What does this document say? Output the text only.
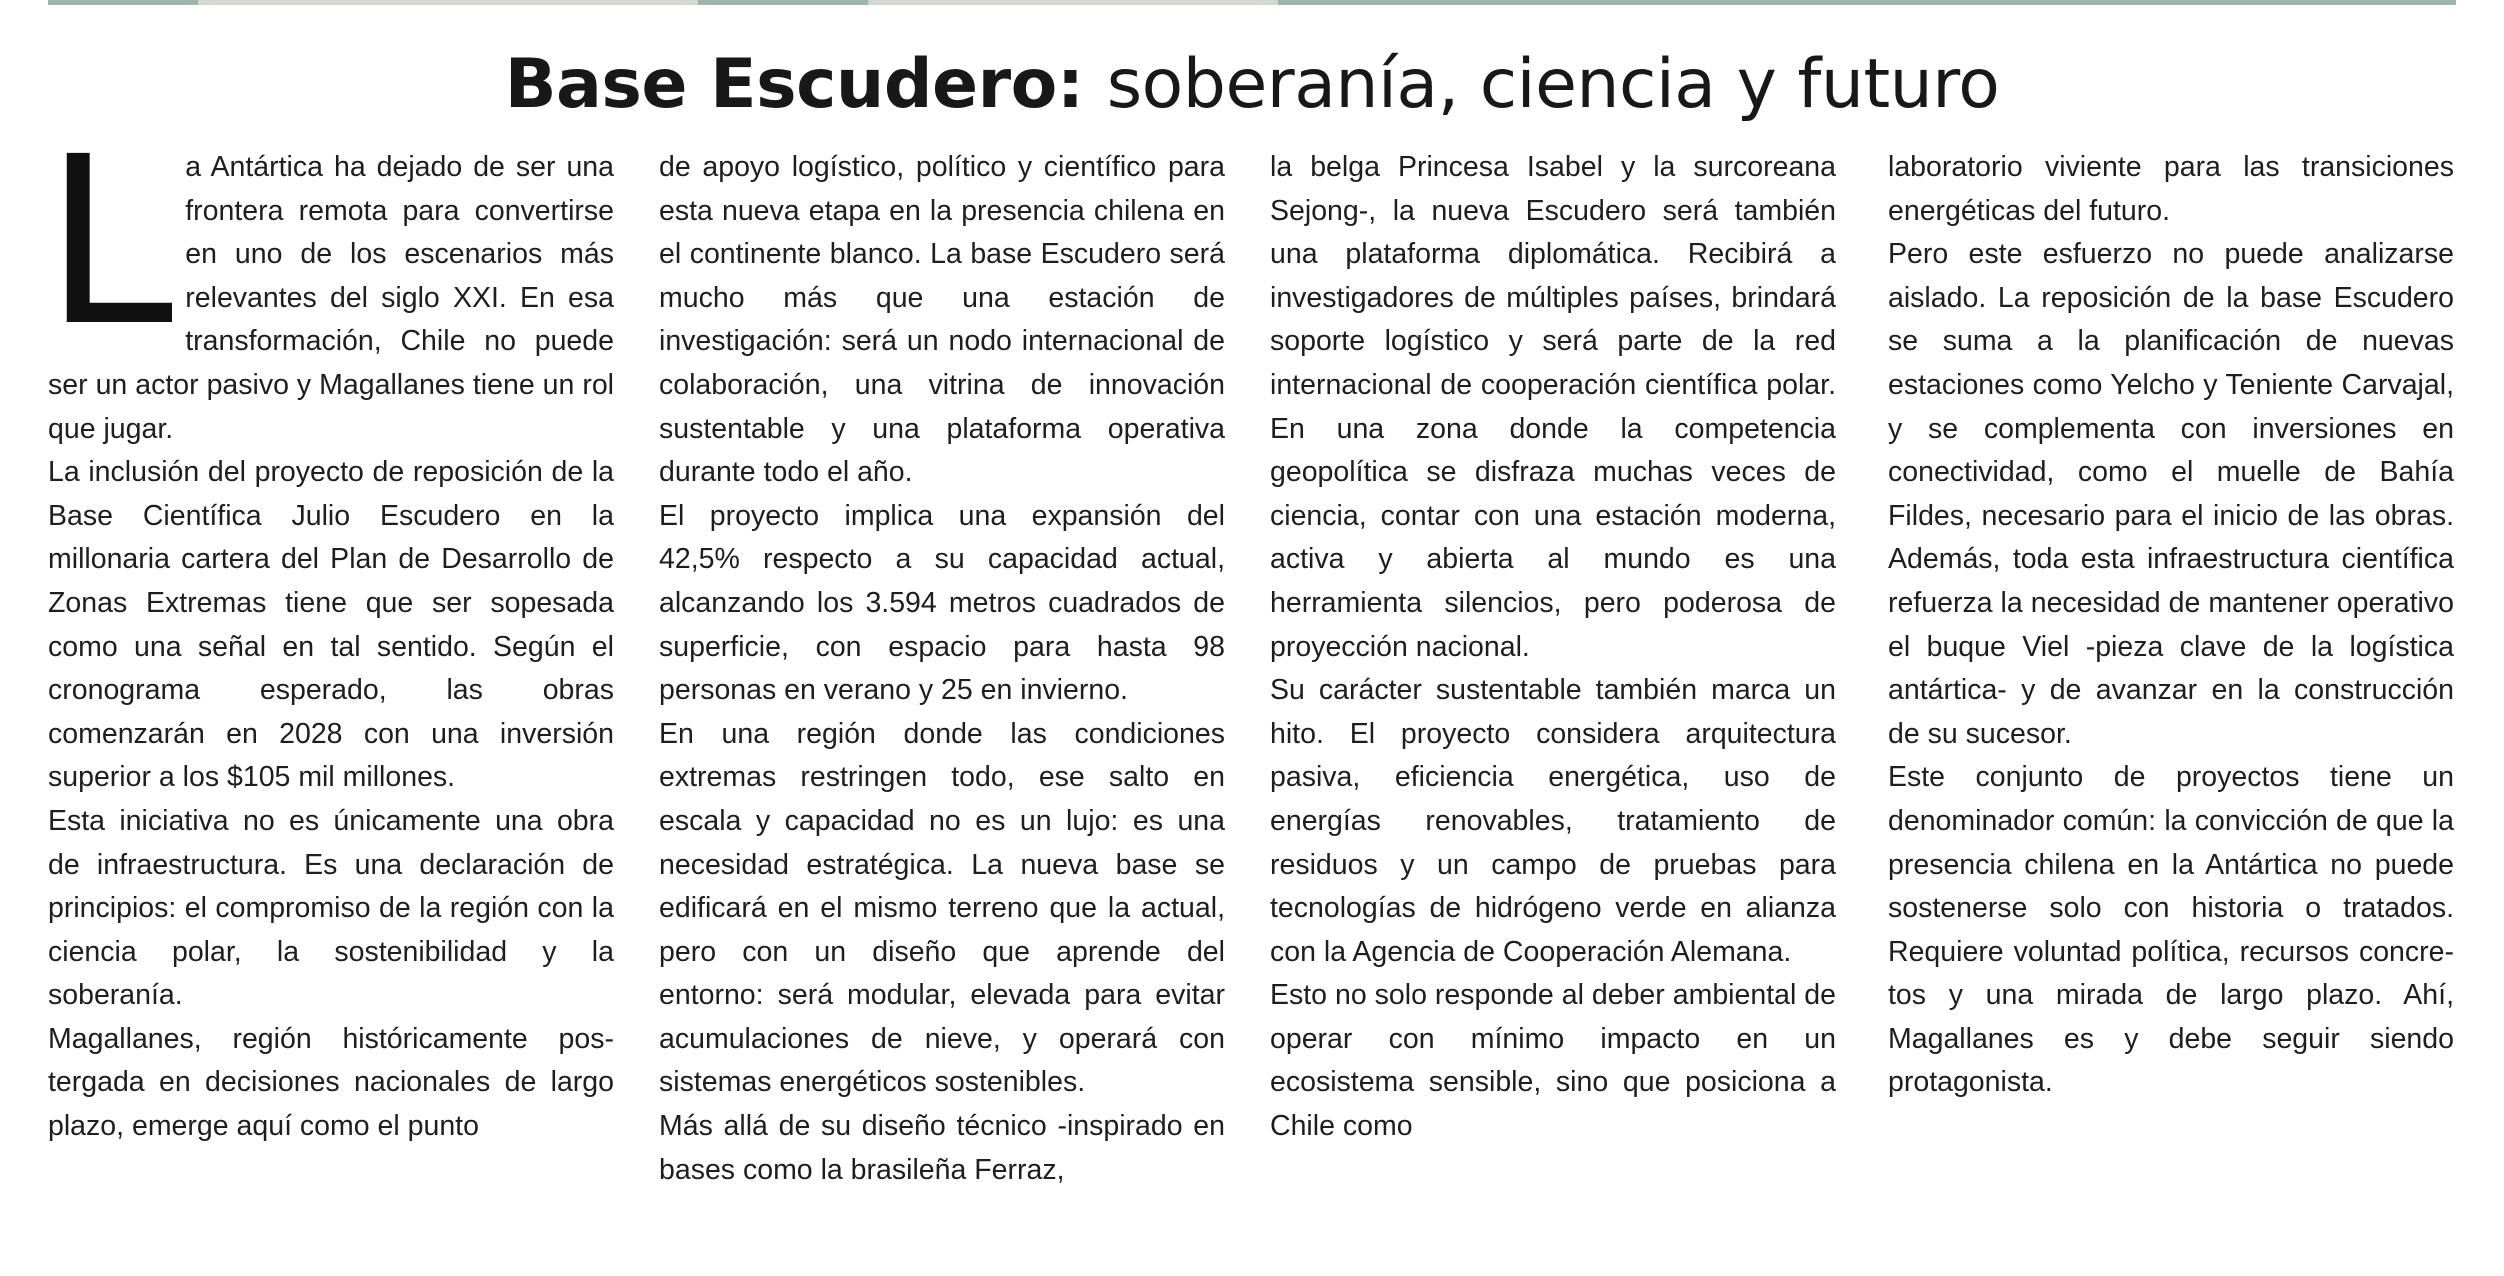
Base Escudero: soberanía, ciencia y futuro

La Antártica ha dejado de ser una frontera remota para convertirse en uno de los escenarios más relevantes del siglo XXI. En esa transformación, Chile no puede ser un actor pasivo y Magallanes tiene un rol que jugar.

La inclusión del proyecto de reposición de la Base Científica Julio Escudero en la millonaria cartera del Plan de Desarrollo de Zonas Extremas tiene que ser sopesada como una señal en tal sentido. Según el cronograma esperado, las obras comenzarán en 2028 con una inversión superior a los $105 mil millones.

Esta iniciativa no es únicamente una obra de infraestructura. Es una declaración de principios: el compromiso de la región con la ciencia polar, la sostenibilidad y la soberanía.

Magallanes, región históricamente postergada en decisiones nacionales de largo plazo, emerge aquí como el punto

de apoyo logístico, político y científico para esta nueva etapa en la presencia chilena en el continente blanco. La base Escudero será mucho más que una estación de investigación: será un nodo internacional de colaboración, una vitrina de innovación sustentable y una plataforma operativa durante todo el año.

El proyecto implica una expansión del 42,5% respecto a su capacidad actual, alcanzando los 3.594 metros cuadrados de superficie, con espacio para hasta 98 personas en verano y 25 en invierno.

En una región donde las condiciones extremas restringen todo, ese salto en escala y capacidad no es un lujo: es una necesidad estratégica. La nueva base se edificará en el mismo terreno que la actual, pero con un diseño que aprende del entorno: será modular, elevada para evitar acumulaciones de nieve, y operará con sistemas energéticos sostenibles.

Más allá de su diseño técnico -inspirado en bases como la brasileña Ferraz,

la belga Princesa Isabel y la surcoreana Sejong-, la nueva Escudero será también una plataforma diplomática. Recibirá a investigadores de múltiples países, brindará soporte logístico y será parte de la red internacional de cooperación científica polar. En una zona donde la competencia geopolítica se disfraza muchas veces de ciencia, contar con una estación moderna, activa y abierta al mundo es una herramienta silencios, pero poderosa de proyección nacional.

Su carácter sustentable también marca un hito. El proyecto considera arquitectura pasiva, eficiencia energética, uso de energías renovables, tratamiento de residuos y un campo de pruebas para tecnologías de hidrógeno verde en alianza con la Agencia de Cooperación Alemana.

Esto no solo responde al deber ambiental de operar con mínimo impacto en un ecosistema sensible, sino que posiciona a Chile como

laboratorio viviente para las transiciones energéticas del futuro.

Pero este esfuerzo no puede analizarse aislado. La reposición de la base Escudero se suma a la planificación de nuevas estaciones como Yelcho y Teniente Carvajal, y se complementa con inversiones en conectividad, como el muelle de Bahía Fildes, necesario para el inicio de las obras. Además, toda esta infraestructura científica refuerza la necesidad de mantener operativo el buque Viel -pieza clave de la logística antártica- y de avanzar en la construcción de su sucesor.

Este conjunto de proyectos tiene un denominador común: la convicción de que la presencia chilena en la Antártica no puede sostenerse solo con historia o tratados. Requiere voluntad política, recursos concretos y una mirada de largo plazo. Ahí, Magallanes es y debe seguir siendo protagonista.
